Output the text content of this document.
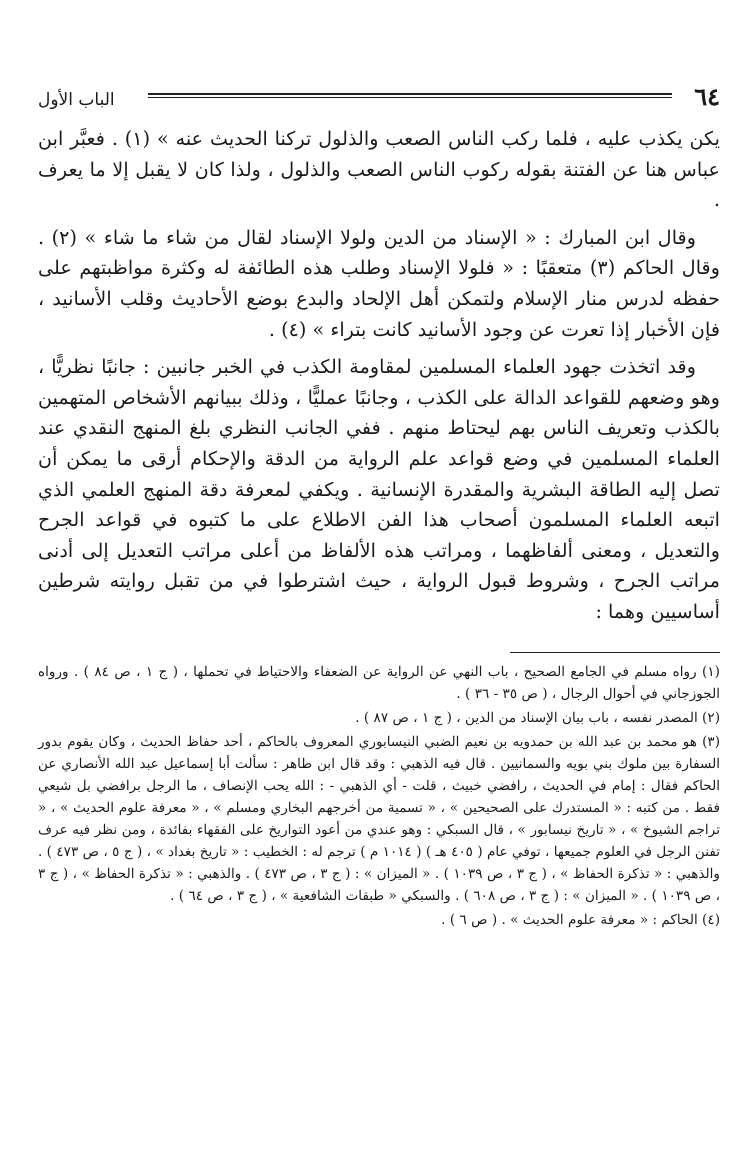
٦٤
الباب الأول

يكن يكذب عليه ، فلما ركب الناس الصعب والذلول تركنا الحديث عنه » (١) . فعبَّر ابن عباس هنا عن الفتنة بقوله ركوب الناس الصعب والذلول ، ولذا كان لا يقبل إلا ما يعرف .

وقال ابن المبارك : « الإسناد من الدين ولولا الإسناد لقال من شاء ما شاء » (٢) . وقال الحاكم (٣) متعقبًا : « فلولا الإسناد وطلب هذه الطائفة له وكثرة مواظبتهم على حفظه لدرس منار الإسلام ولتمكن أهل الإلحاد والبدع بوضع الأحاديث وقلب الأسانيد ، فإن الأخبار إذا تعرت عن وجود الأسانيد كانت بتراء » (٤) .

وقد اتخذت جهود العلماء المسلمين لمقاومة الكذب في الخبر جانبين : جانبًا نظريًّا ، وهو وضعهم للقواعد الدالة على الكذب ، وجانبًا عمليًّا ، وذلك ببيانهم الأشخاص المتهمين بالكذب وتعريف الناس بهم ليحتاط منهم . ففي الجانب النظري بلغ المنهج النقدي عند العلماء المسلمين في وضع قواعد علم الرواية من الدقة والإحكام أرقى ما يمكن أن تصل إليه الطاقة البشرية والمقدرة الإنسانية . ويكفي لمعرفة دقة المنهج العلمي الذي اتبعه العلماء المسلمون أصحاب هذا الفن الاطلاع على ما كتبوه في قواعد الجرح والتعديل ، ومعنى ألفاظهما ، ومراتب هذه الألفاظ من أعلى مراتب التعديل إلى أدنى مراتب الجرح ، وشروط قبول الرواية ، حيث اشترطوا في من تقبل روايته شرطين أساسيين وهما :

(١) رواه مسلم في الجامع الصحيح ، باب النهي عن الرواية عن الضعفاء والاحتياط في تحملها ، ( ج ١ ، ص ٨٤ ) . ورواه الجوزجاني في أحوال الرجال ، ( ص ٣٥ - ٣٦ ) .

(٢) المصدر نفسه ، باب بيان الإسناد من الدين ، ( ج ١ ، ص ٨٧ ) .

(٣) هو محمد بن عبد الله بن حمدويه بن نعيم الضبي النيسابوري المعروف بالحاكم ، أحد حفاظ الحديث ، وكان يقوم بدور السفارة بين ملوك بني بويه والسمانيين . قال فيه الذهبي : وقد قال ابن طاهر : سألت أبا إسماعيل عبد الله الأنصاري عن الحاكم فقال : إمام في الحديث ، رافضي خبيث ، قلت - أي الذهبي - : الله يحب الإنصاف ، ما الرجل برافضي بل شيعي فقط . من كتبه : « المستدرك على الصحيحين » ، « تسمية من أخرجهم البخاري ومسلم » ، « معرفة علوم الحديث » ، « تراجم الشيوخ » ، « تاريخ نيسابور » ، قال السبكي : وهو عندي من أعود التواريخ على الفقهاء بفائدة ، ومن نظر فيه عرف تفنن الرجل في العلوم جميعها ، توفي عام ( ٤٠٥ هـ ) ( ١٠١٤ م ) ترجم له : الخطيب : « تاريخ بغداد » ، ( ج ٥ ، ص ٤٧٣ ) . والذهبي : « تذكرة الحفاظ » ، ( ج ٣ ، ص ١٠٣٩ ) . « الميزان » : ( ج ٣ ، ص ٤٧٣ ) . والذهبي : « تذكرة الحفاظ » ، ( ج ٣ ، ص ١٠٣٩ ) . « الميزان » : ( ج ٣ ، ص ٦٠٨ ) . والسبكي « طبقات الشافعية » ، ( ج ٣ ، ص ٦٤ ) .

(٤) الحاكم : « معرفة علوم الحديث » . ( ص ٦ ) .
